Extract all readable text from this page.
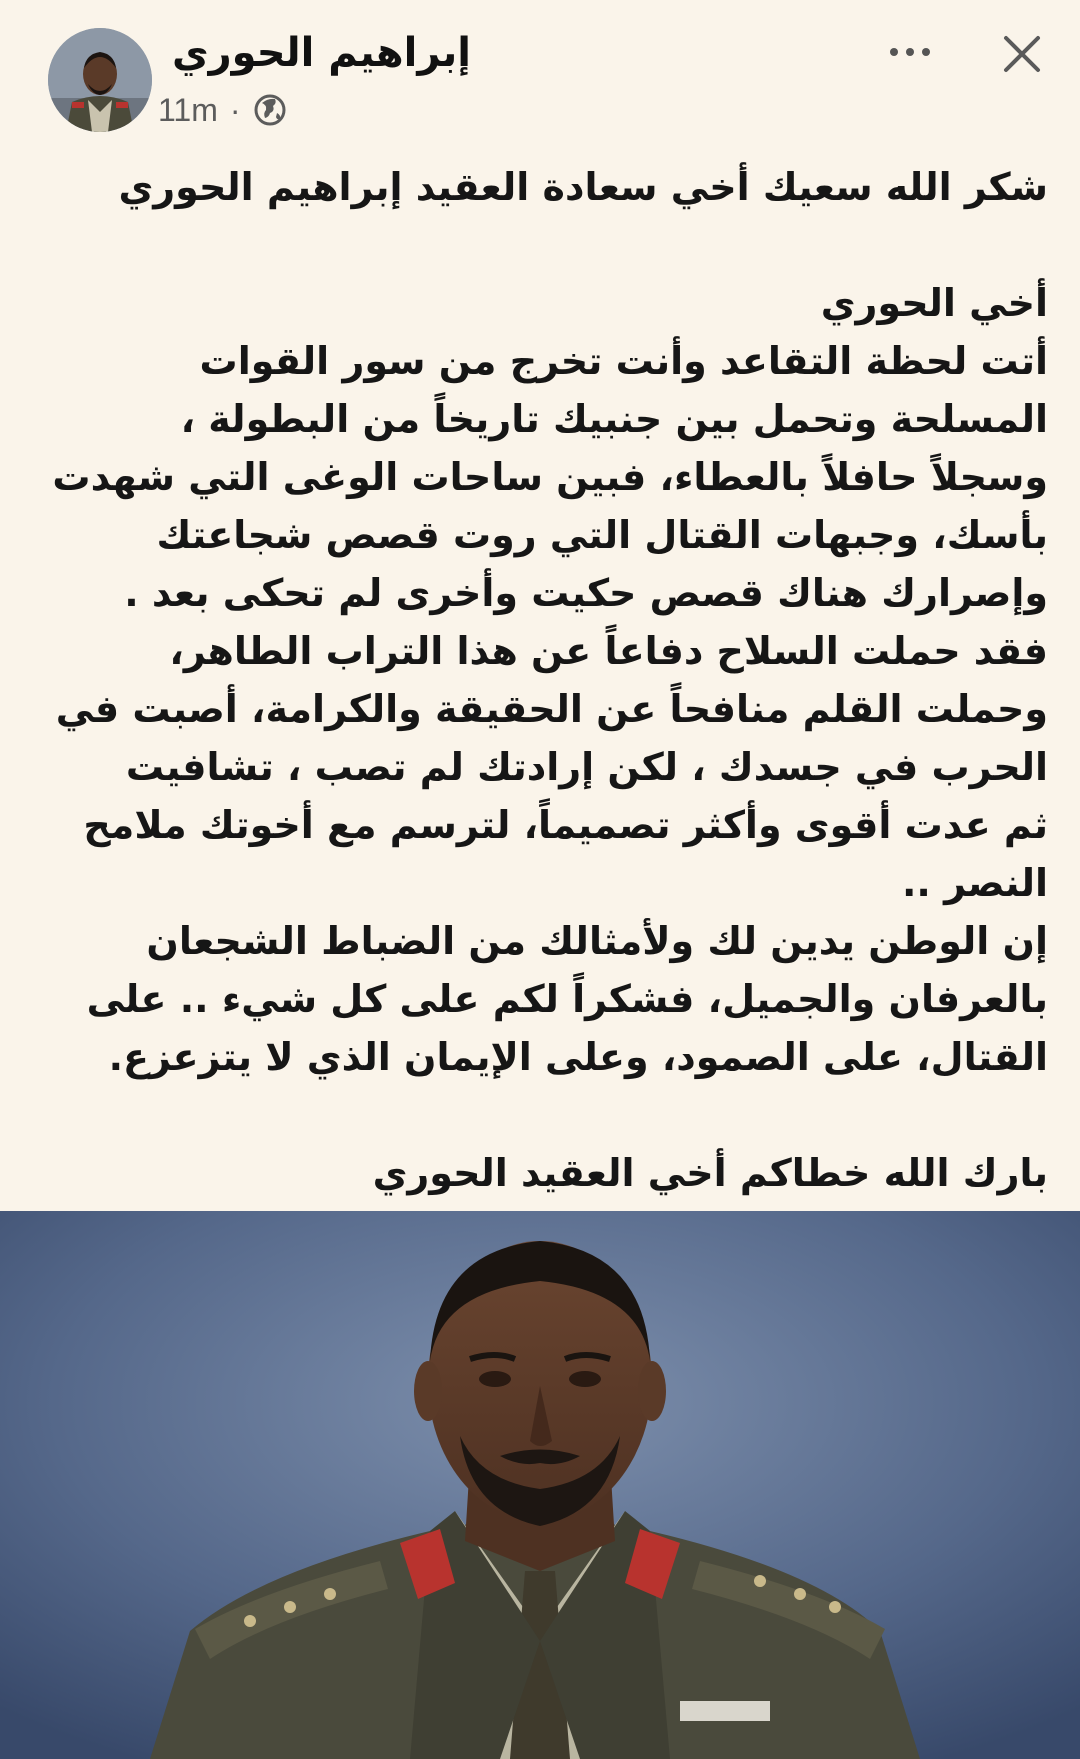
إبراهيم الحوري
11m ·

شكر الله سعيك أخي سعادة العقيد إبراهيم الحوري

أخي الحوري

أتت لحظة التقاعد وأنت تخرج من سور القوات

المسلحة وتحمل بين جنبيك تاريخاً من البطولة ،

وسجلاً حافلاً بالعطاء، فبين ساحات الوغى التي شهدت

بأسك، وجبهات القتال التي روت قصص شجاعتك

وإصرارك هناك قصص حكيت وأخرى لم تحكى بعد .

فقد حملت السلاح دفاعاً عن هذا التراب الطاهر،

وحملت القلم منافحاً عن الحقيقة والكرامة، أصبت في

الحرب في جسدك ، لكن إرادتك لم تصب ، تشافيت

ثم عدت أقوى وأكثر تصميماً، لترسم مع أخوتك ملامح

النصر ..

إن الوطن يدين لك ولأمثالك من الضباط الشجعان

بالعرفان والجميل، فشكراً لكم على كل شيء .. على

القتال، على الصمود، وعلى الإيمان الذي لا يتزعزع.

بارك الله خطاكم أخي العقيد الحوري
